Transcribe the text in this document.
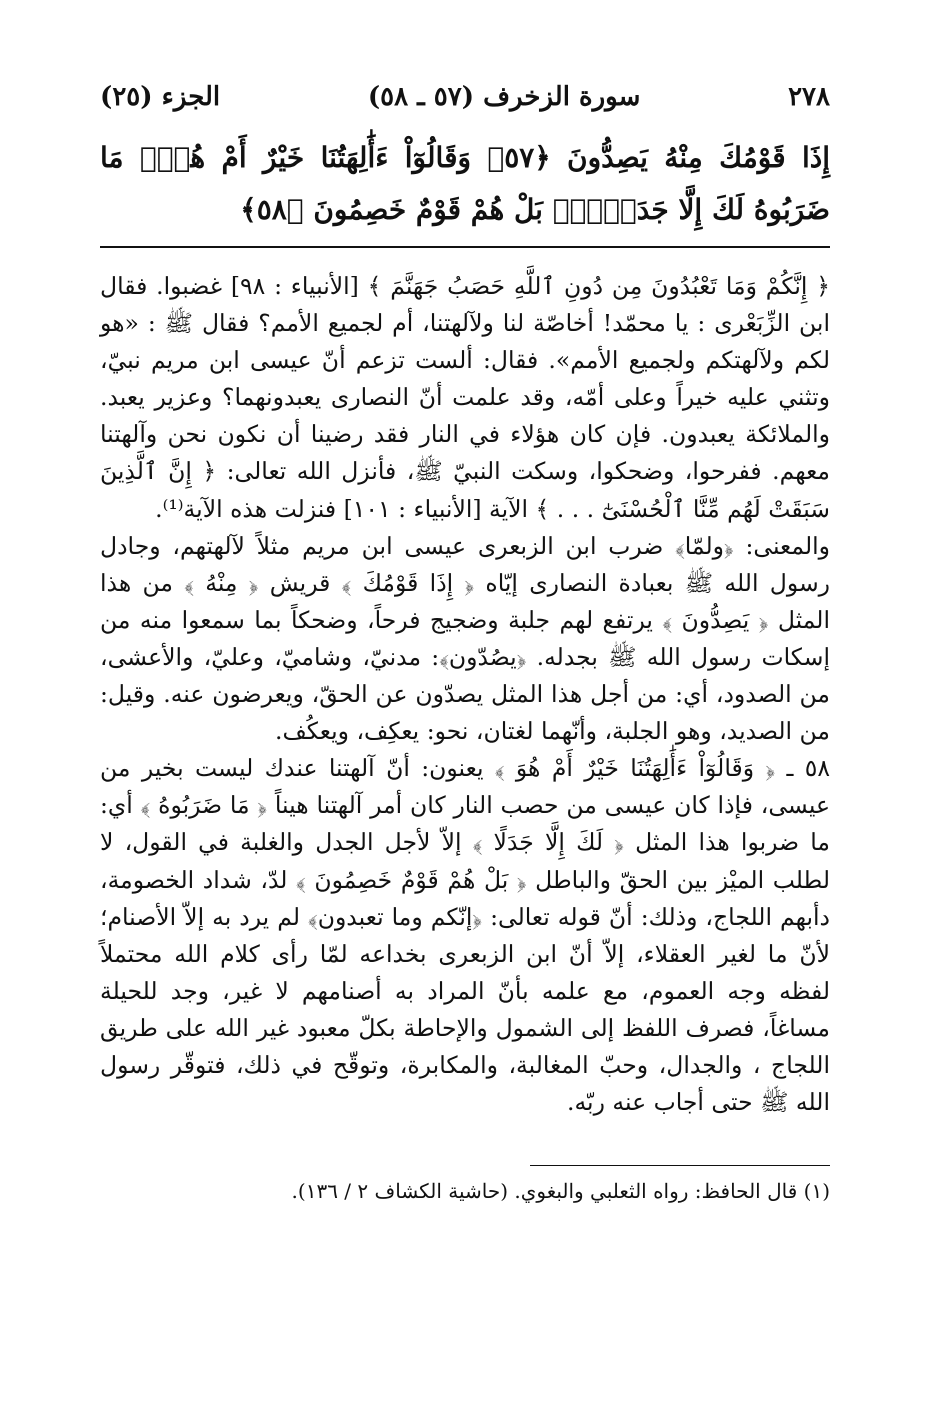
٢٧٨
سورة الزخرف (٥٧ ـ ٥٨)
الجزء (٢٥)
إِذَا قَوْمُكَ مِنْهُ يَصِدُّونَ ﴿٥٧﴾ وَقَالُوٓاْ ءَأَٰلِهَتُنَا خَيْرٌ أَمْ هُوَۚ مَا ضَرَبُوهُ لَكَ إِلَّا جَدَلَۢاۚ بَلْ هُمْ قَوْمٌ خَصِمُونَ ﴿٥٨﴾

﴿ إِنَّكُمْ وَمَا تَعْبُدُونَ مِن دُونِ ٱللَّهِ حَصَبُ جَهَنَّمَ ﴾ [الأنبياء : ٩٨] غضبوا. فقال ابن الزِّبَعْرى : يا محمّد! أخاصّة لنا ولآلهتنا، أم لجميع الأمم؟ فقال ﷺ : «هو لكم ولآلهتكم ولجميع الأمم». فقال: ألست تزعم أنّ عيسى ابن مريم نبيّ، وتثني عليه خيراً وعلى أمّه، وقد علمت أنّ النصارى يعبدونهما؟ وعزير يعبد. والملائكة يعبدون. فإن كان هؤلاء في النار فقد رضينا أن نكون نحن وآلهتنا معهم. ففرحوا، وضحكوا، وسكت النبيّ ﷺ، فأنزل الله تعالى: ﴿ إِنَّ ٱلَّذِينَ سَبَقَتْ لَهُم مِّنَّا ٱلْحُسْنَىٰٓ . . . ﴾ الآية [الأنبياء : ١٠١] فنزلت هذه الآية⁽¹⁾.

والمعنى: ﴿ولمّا﴾ ضرب ابن الزبعرى عيسى ابن مريم مثلاً لآلهتهم، وجادل رسول الله ﷺ بعبادة النصارى إيّاه ﴿ إِذَا قَوْمُكَ ﴾ قريش ﴿ مِنْهُ ﴾ من هذا المثل ﴿ يَصِدُّونَ ﴾ يرتفع لهم جلبة وضجيج فرحاً، وضحكاً بما سمعوا منه من إسكات رسول الله ﷺ بجدله. ﴿يصُدّون﴾: مدنيّ، وشاميّ، وعليّ، والأعشى، من الصدود، أي: من أجل هذا المثل يصدّون عن الحقّ، ويعرضون عنه. وقيل: من الصديد، وهو الجلبة، وأنّهما لغتان، نحو: يعكِف، ويعكُف.

٥٨ ـ ﴿ وَقَالُوٓاْ ءَأَٰلِهَتُنَا خَيْرٌ أَمْ هُوَ ﴾ يعنون: أنّ آلهتنا عندك ليست بخير من عيسى، فإذا كان عيسى من حصب النار كان أمر آلهتنا هيناً ﴿ مَا ضَرَبُوهُ ﴾ أي: ما ضربوا هذا المثل ﴿ لَكَ إِلَّا جَدَلًا ﴾ إلاّ لأجل الجدل والغلبة في القول، لا لطلب الميْز بين الحقّ والباطل ﴿ بَلْ هُمْ قَوْمٌ خَصِمُونَ ﴾ لدّ، شداد الخصومة، دأبهم اللجاج، وذلك: أنّ قوله تعالى: ﴿إنّكم وما تعبدون﴾ لم يرد به إلاّ الأصنام؛ لأنّ ما لغير العقلاء، إلاّ أنّ ابن الزبعرى بخداعه لمّا رأى كلام الله محتملاً لفظه وجه العموم، مع علمه بأنّ المراد به أصنامهم لا غير، وجد للحيلة مساغاً، فصرف اللفظ إلى الشمول والإحاطة بكلّ معبود غير الله على طريق اللجاج ، والجدال، وحبّ المغالبة، والمكابرة، وتوقّح في ذلك، فتوقّر رسول الله ﷺ حتى أجاب عنه ربّه.

(١) قال الحافظ: رواه الثعلبي والبغوي. (حاشية الكشاف ٢ / ١٣٦).
